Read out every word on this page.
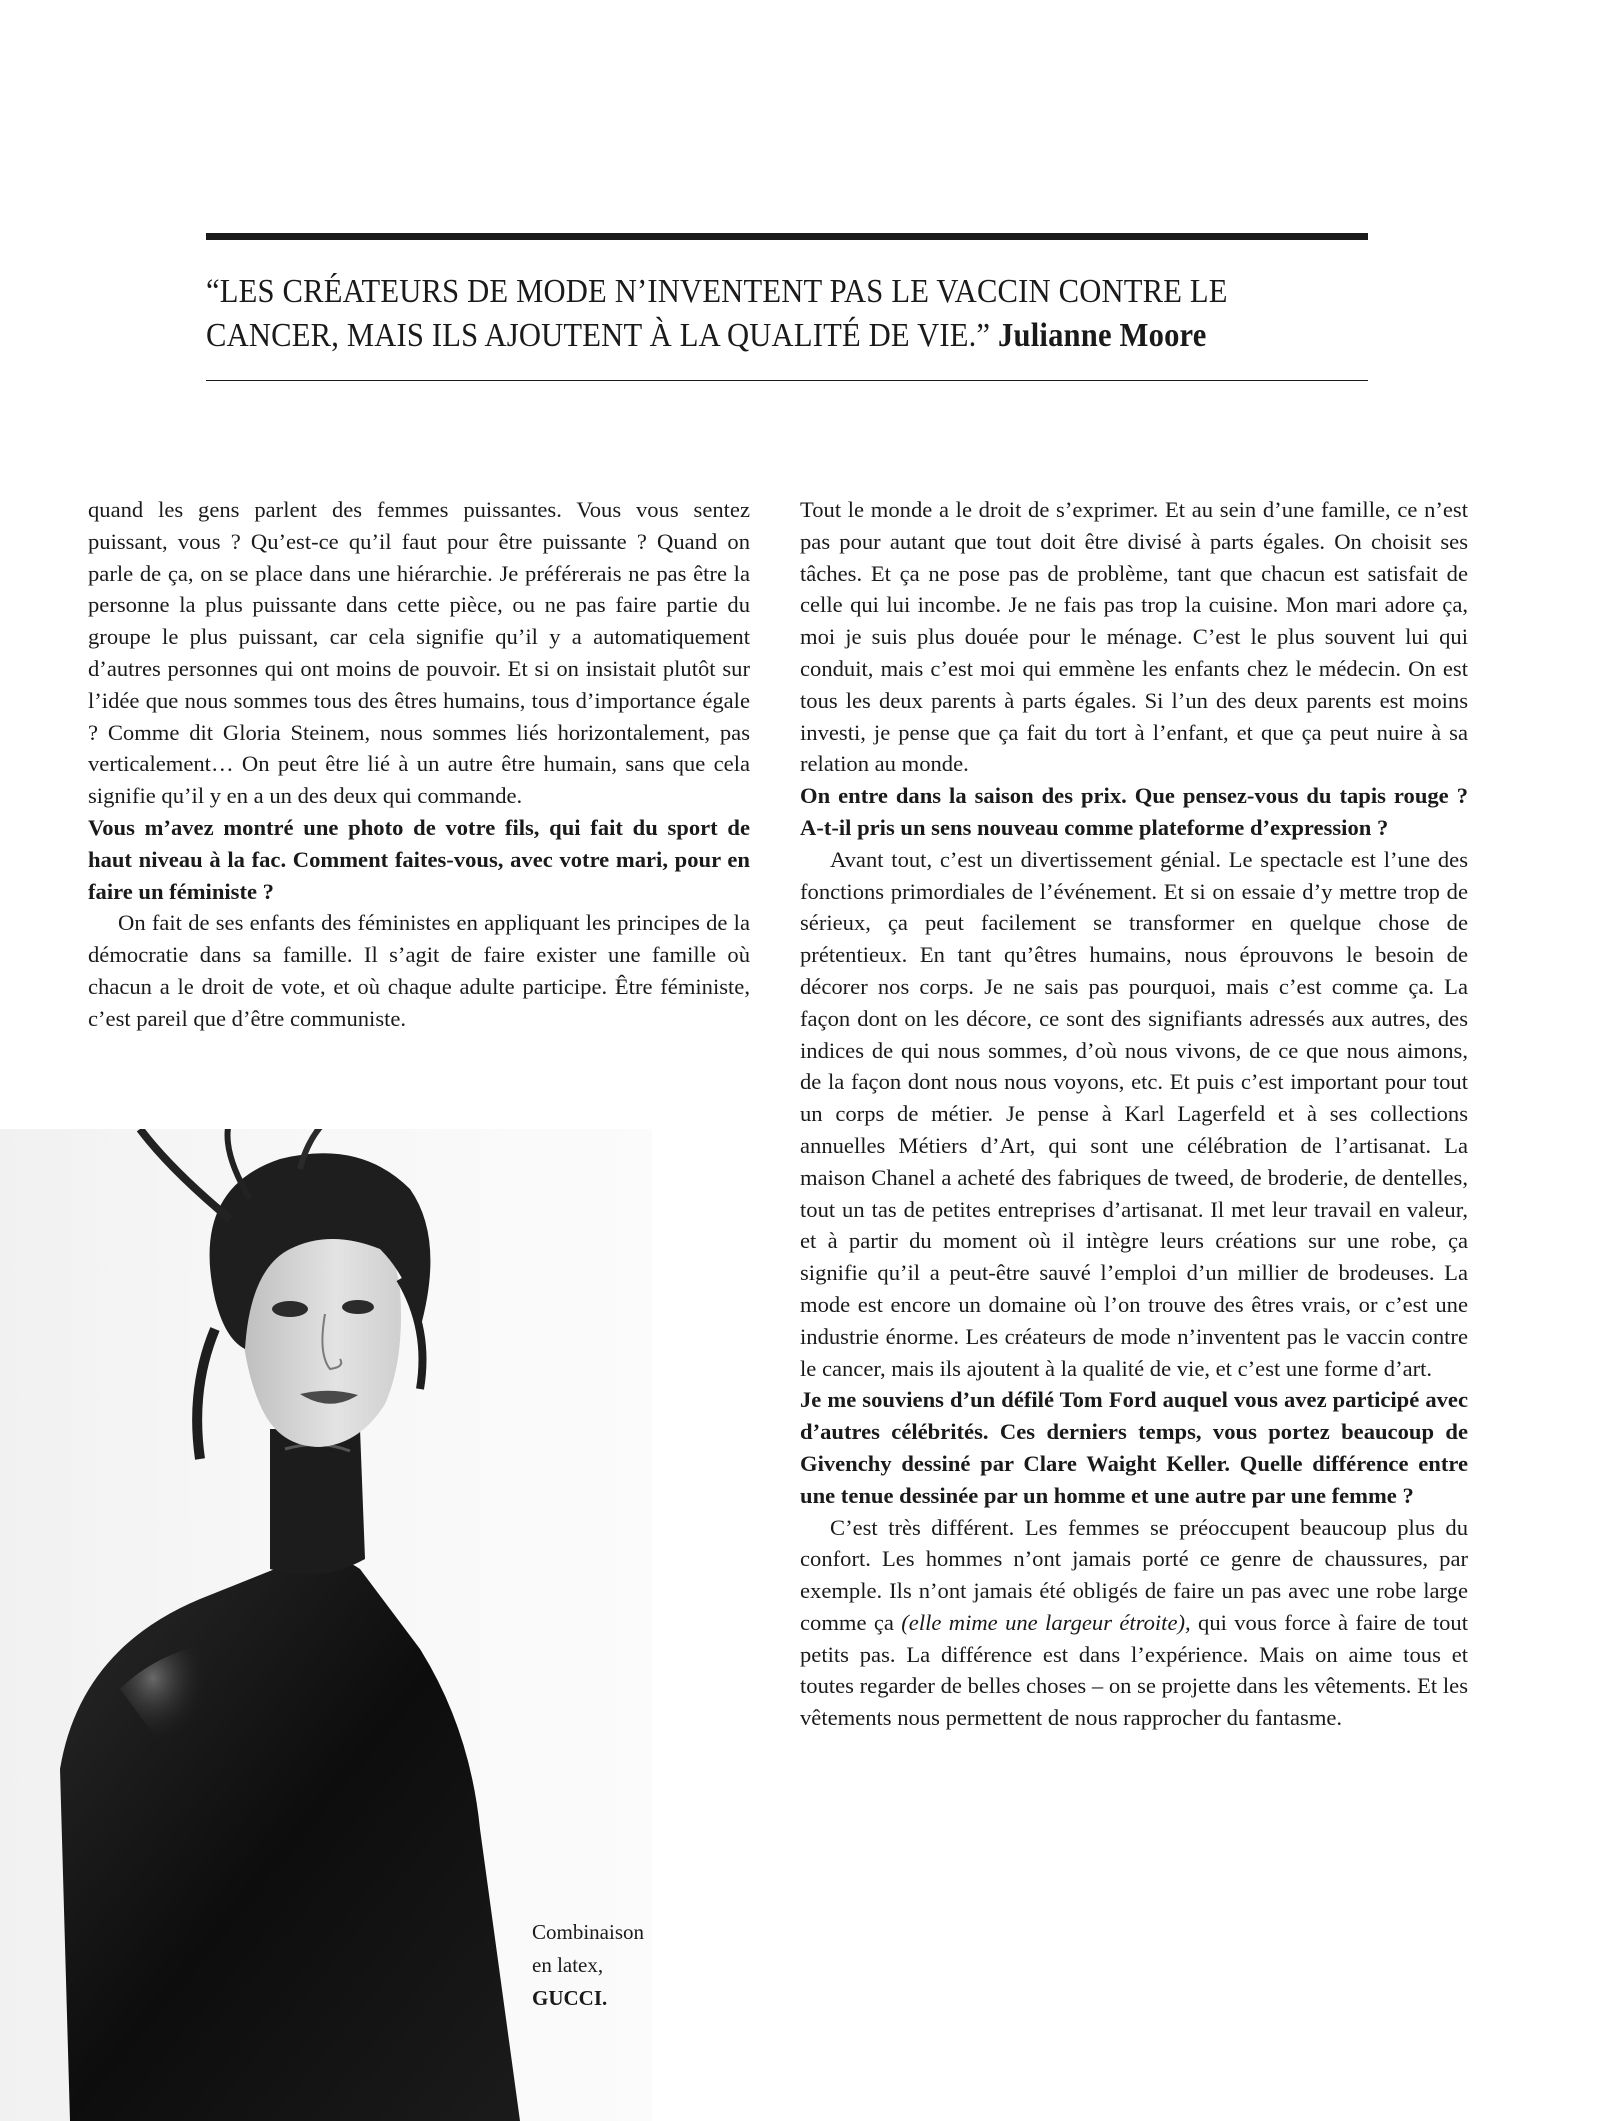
“LES CRÉATEURS DE MODE N’INVENTENT PAS LE VACCIN CONTRE LE CANCER, MAIS ILS AJOUTENT À LA QUALITÉ DE VIE.” Julianne Moore

quand les gens parlent des femmes puissantes. Vous vous sentez puissant, vous ? Qu’est-ce qu’il faut pour être puissante ? Quand on parle de ça, on se place dans une hiérarchie. Je préférerais ne pas être la personne la plus puissante dans cette pièce, ou ne pas faire partie du groupe le plus puissant, car cela signifie qu’il y a automatiquement d’autres personnes qui ont moins de pouvoir. Et si on insistait plutôt sur l’idée que nous sommes tous des êtres humains, tous d’importance égale ? Comme dit Gloria Steinem, nous sommes liés horizontalement, pas verticalement… On peut être lié à un autre être humain, sans que cela signifie qu’il y en a un des deux qui commande.

Vous m’avez montré une photo de votre fils, qui fait du sport de haut niveau à la fac. Comment faites-vous, avec votre mari, pour en faire un féministe ?

On fait de ses enfants des féministes en appliquant les principes de la démocratie dans sa famille. Il s’agit de faire exister une famille où chacun a le droit de vote, et où chaque adulte participe. Être féministe, c’est pareil que d’être communiste.

Tout le monde a le droit de s’exprimer. Et au sein d’une famille, ce n’est pas pour autant que tout doit être divisé à parts égales. On choisit ses tâches. Et ça ne pose pas de problème, tant que chacun est satisfait de celle qui lui incombe. Je ne fais pas trop la cuisine. Mon mari adore ça, moi je suis plus douée pour le ménage. C’est le plus souvent lui qui conduit, mais c’est moi qui emmène les enfants chez le médecin. On est tous les deux parents à parts égales. Si l’un des deux parents est moins investi, je pense que ça fait du tort à l’enfant, et que ça peut nuire à sa relation au monde.

On entre dans la saison des prix. Que pensez-vous du tapis rouge ? A-t-il pris un sens nouveau comme plateforme d’expression ?

Avant tout, c’est un divertissement génial. Le spectacle est l’une des fonctions primordiales de l’événement. Et si on essaie d’y mettre trop de sérieux, ça peut facilement se transformer en quelque chose de prétentieux. En tant qu’êtres humains, nous éprouvons le besoin de décorer nos corps. Je ne sais pas pourquoi, mais c’est comme ça. La façon dont on les décore, ce sont des signifiants adressés aux autres, des indices de qui nous sommes, d’où nous vivons, de ce que nous aimons, de la façon dont nous nous voyons, etc. Et puis c’est important pour tout un corps de métier. Je pense à Karl Lagerfeld et à ses collections annuelles Métiers d’Art, qui sont une célébration de l’artisanat. La maison Chanel a acheté des fabriques de tweed, de broderie, de dentelles, tout un tas de petites entreprises d’artisanat. Il met leur travail en valeur, et à partir du moment où il intègre leurs créations sur une robe, ça signifie qu’il a peut-être sauvé l’emploi d’un millier de brodeuses. La mode est encore un domaine où l’on trouve des êtres vrais, or c’est une industrie énorme. Les créateurs de mode n’inventent pas le vaccin contre le cancer, mais ils ajoutent à la qualité de vie, et c’est une forme d’art.

Je me souviens d’un défilé Tom Ford auquel vous avez participé avec d’autres célébrités. Ces derniers temps, vous portez beaucoup de Givenchy dessiné par Clare Waight Keller. Quelle différence entre une tenue dessinée par un homme et une autre par une femme ?

C’est très différent. Les femmes se préoccupent beaucoup plus du confort. Les hommes n’ont jamais porté ce genre de chaussures, par exemple. Ils n’ont jamais été obligés de faire un pas avec une robe large comme ça (elle mime une largeur étroite), qui vous force à faire de tout petits pas. La différence est dans l’expérience. Mais on aime tous et toutes regarder de belles choses – on se projette dans les vêtements. Et les vêtements nous permettent de nous rapprocher du fantasme.

Combinaison
en latex, GUCCI.
